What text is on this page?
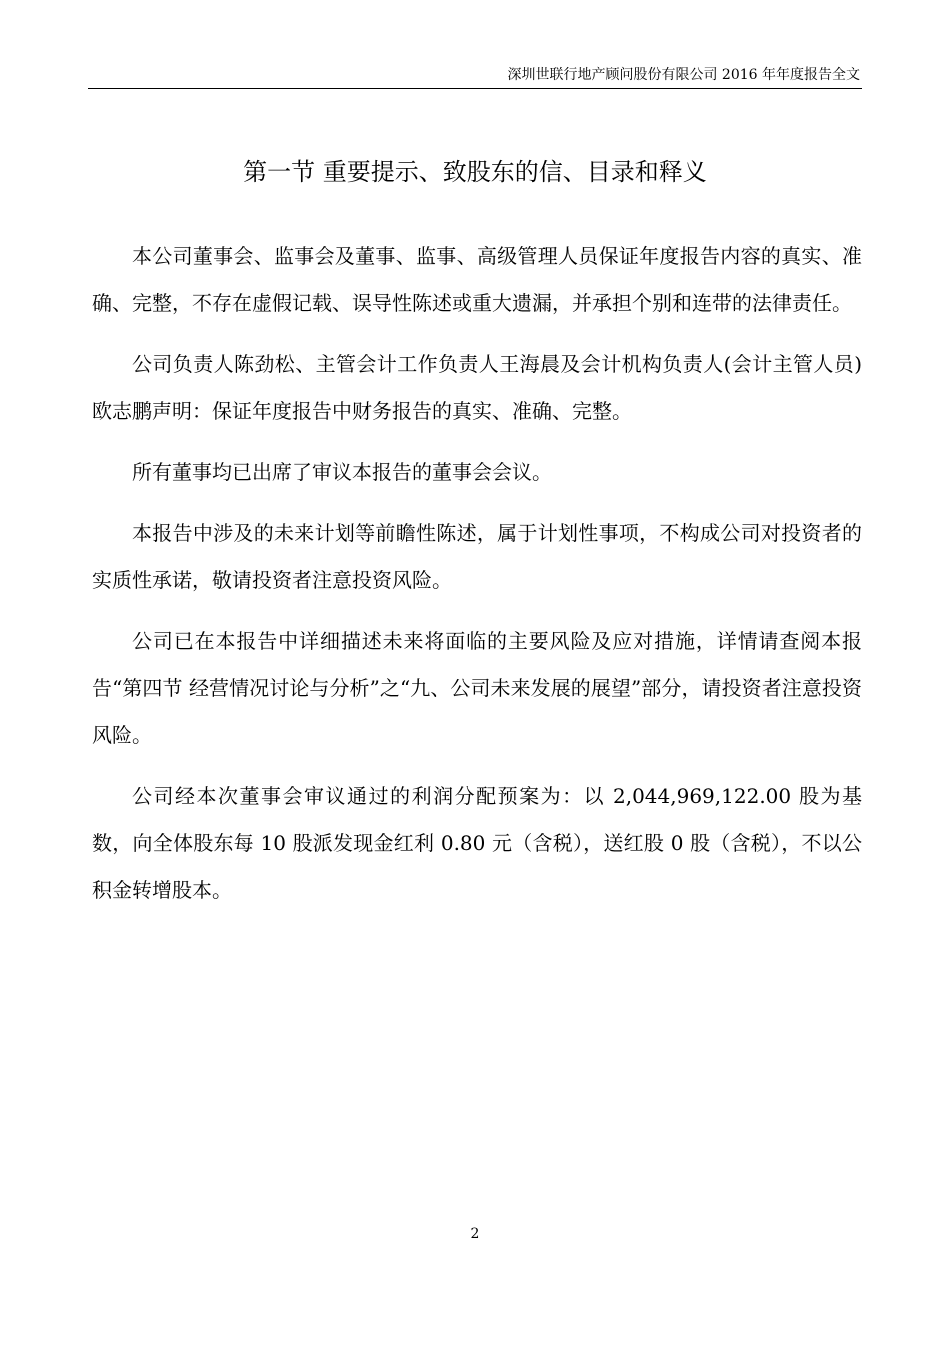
深圳世联行地产顾问股份有限公司 2016 年年度报告全文
第一节 重要提示、致股东的信、目录和释义

本公司董事会、监事会及董事、监事、高级管理人员保证年度报告内容的真实、准确、完整，不存在虚假记载、误导性陈述或重大遗漏，并承担个别和连带的法律责任。

公司负责人陈劲松、主管会计工作负责人王海晨及会计机构负责人(会计主管人员)欧志鹏声明：保证年度报告中财务报告的真实、准确、完整。

所有董事均已出席了审议本报告的董事会会议。

本报告中涉及的未来计划等前瞻性陈述，属于计划性事项，不构成公司对投资者的实质性承诺，敬请投资者注意投资风险。

公司已在本报告中详细描述未来将面临的主要风险及应对措施，详情请查阅本报告“第四节 经营情况讨论与分析”之“九、公司未来发展的展望”部分，请投资者注意投资风险。

公司经本次董事会审议通过的利润分配预案为：以 2,044,969,122.00 股为基数，向全体股东每 10 股派发现金红利 0.80 元（含税），送红股 0 股（含税），不以公积金转增股本。

2
